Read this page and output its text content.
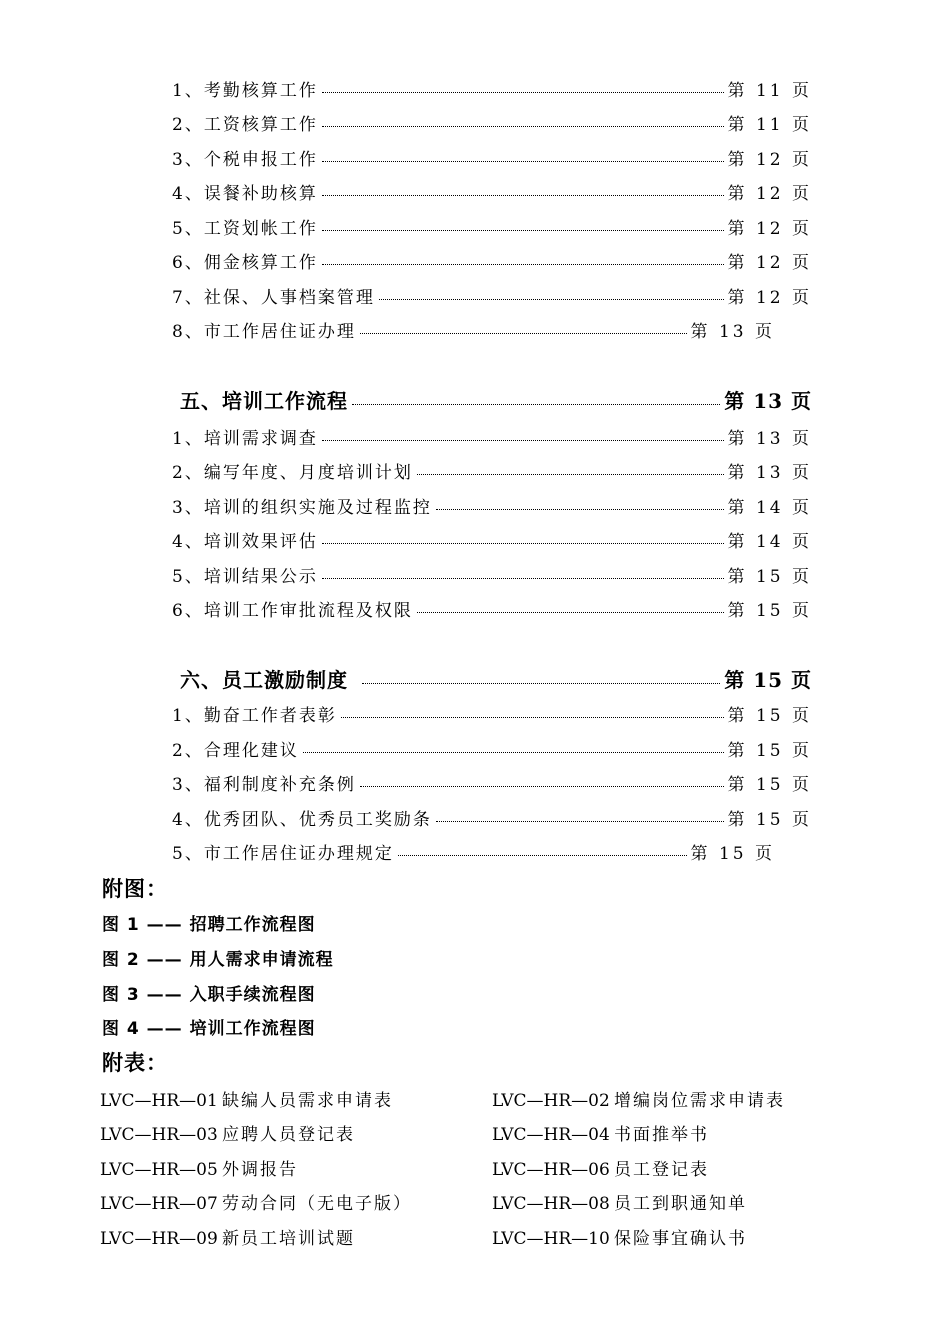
1、考勤核算工作	第 11 页
2、工资核算工作	第 11 页
3、个税申报工作	第 12 页
4、误餐补助核算	第 12 页
5、工资划帐工作	第 12 页
6、佣金核算工作	第 12 页
7、社保、人事档案管理	第 12 页
8、市工作居住证办理	第 13 页
五、培训工作流程	第 13 页
1、培训需求调查	第 13 页
2、编写年度、月度培训计划	第 13 页
3、培训的组织实施及过程监控	第 14 页
4、培训效果评估	第 14 页
5、培训结果公示	第 15 页
6、培训工作审批流程及权限	第 15 页
六、员工激励制度	第 15 页
1、勤奋工作者表彰	第 15 页
2、合理化建议	第 15 页
3、福利制度补充条例	第 15 页
4、优秀团队、优秀员工奖励条	第 15 页
5、市工作居住证办理规定	第 15 页
附图：
图 1 —— 招聘工作流程图
图 2 —— 用人需求申请流程
图 3 —— 入职手续流程图
图 4 —— 培训工作流程图
附表：
LVC—HR—01 缺编人员需求申请表	LVC—HR—02 增编岗位需求申请表
LVC—HR—03 应聘人员登记表	LVC—HR—04 书面推举书
LVC—HR—05 外调报告	LVC—HR—06 员工登记表
LVC—HR—07 劳动合同（无电子版）	LVC—HR—08 员工到职通知单
LVC—HR—09 新员工培训试题	LVC—HR—10 保险事宜确认书
